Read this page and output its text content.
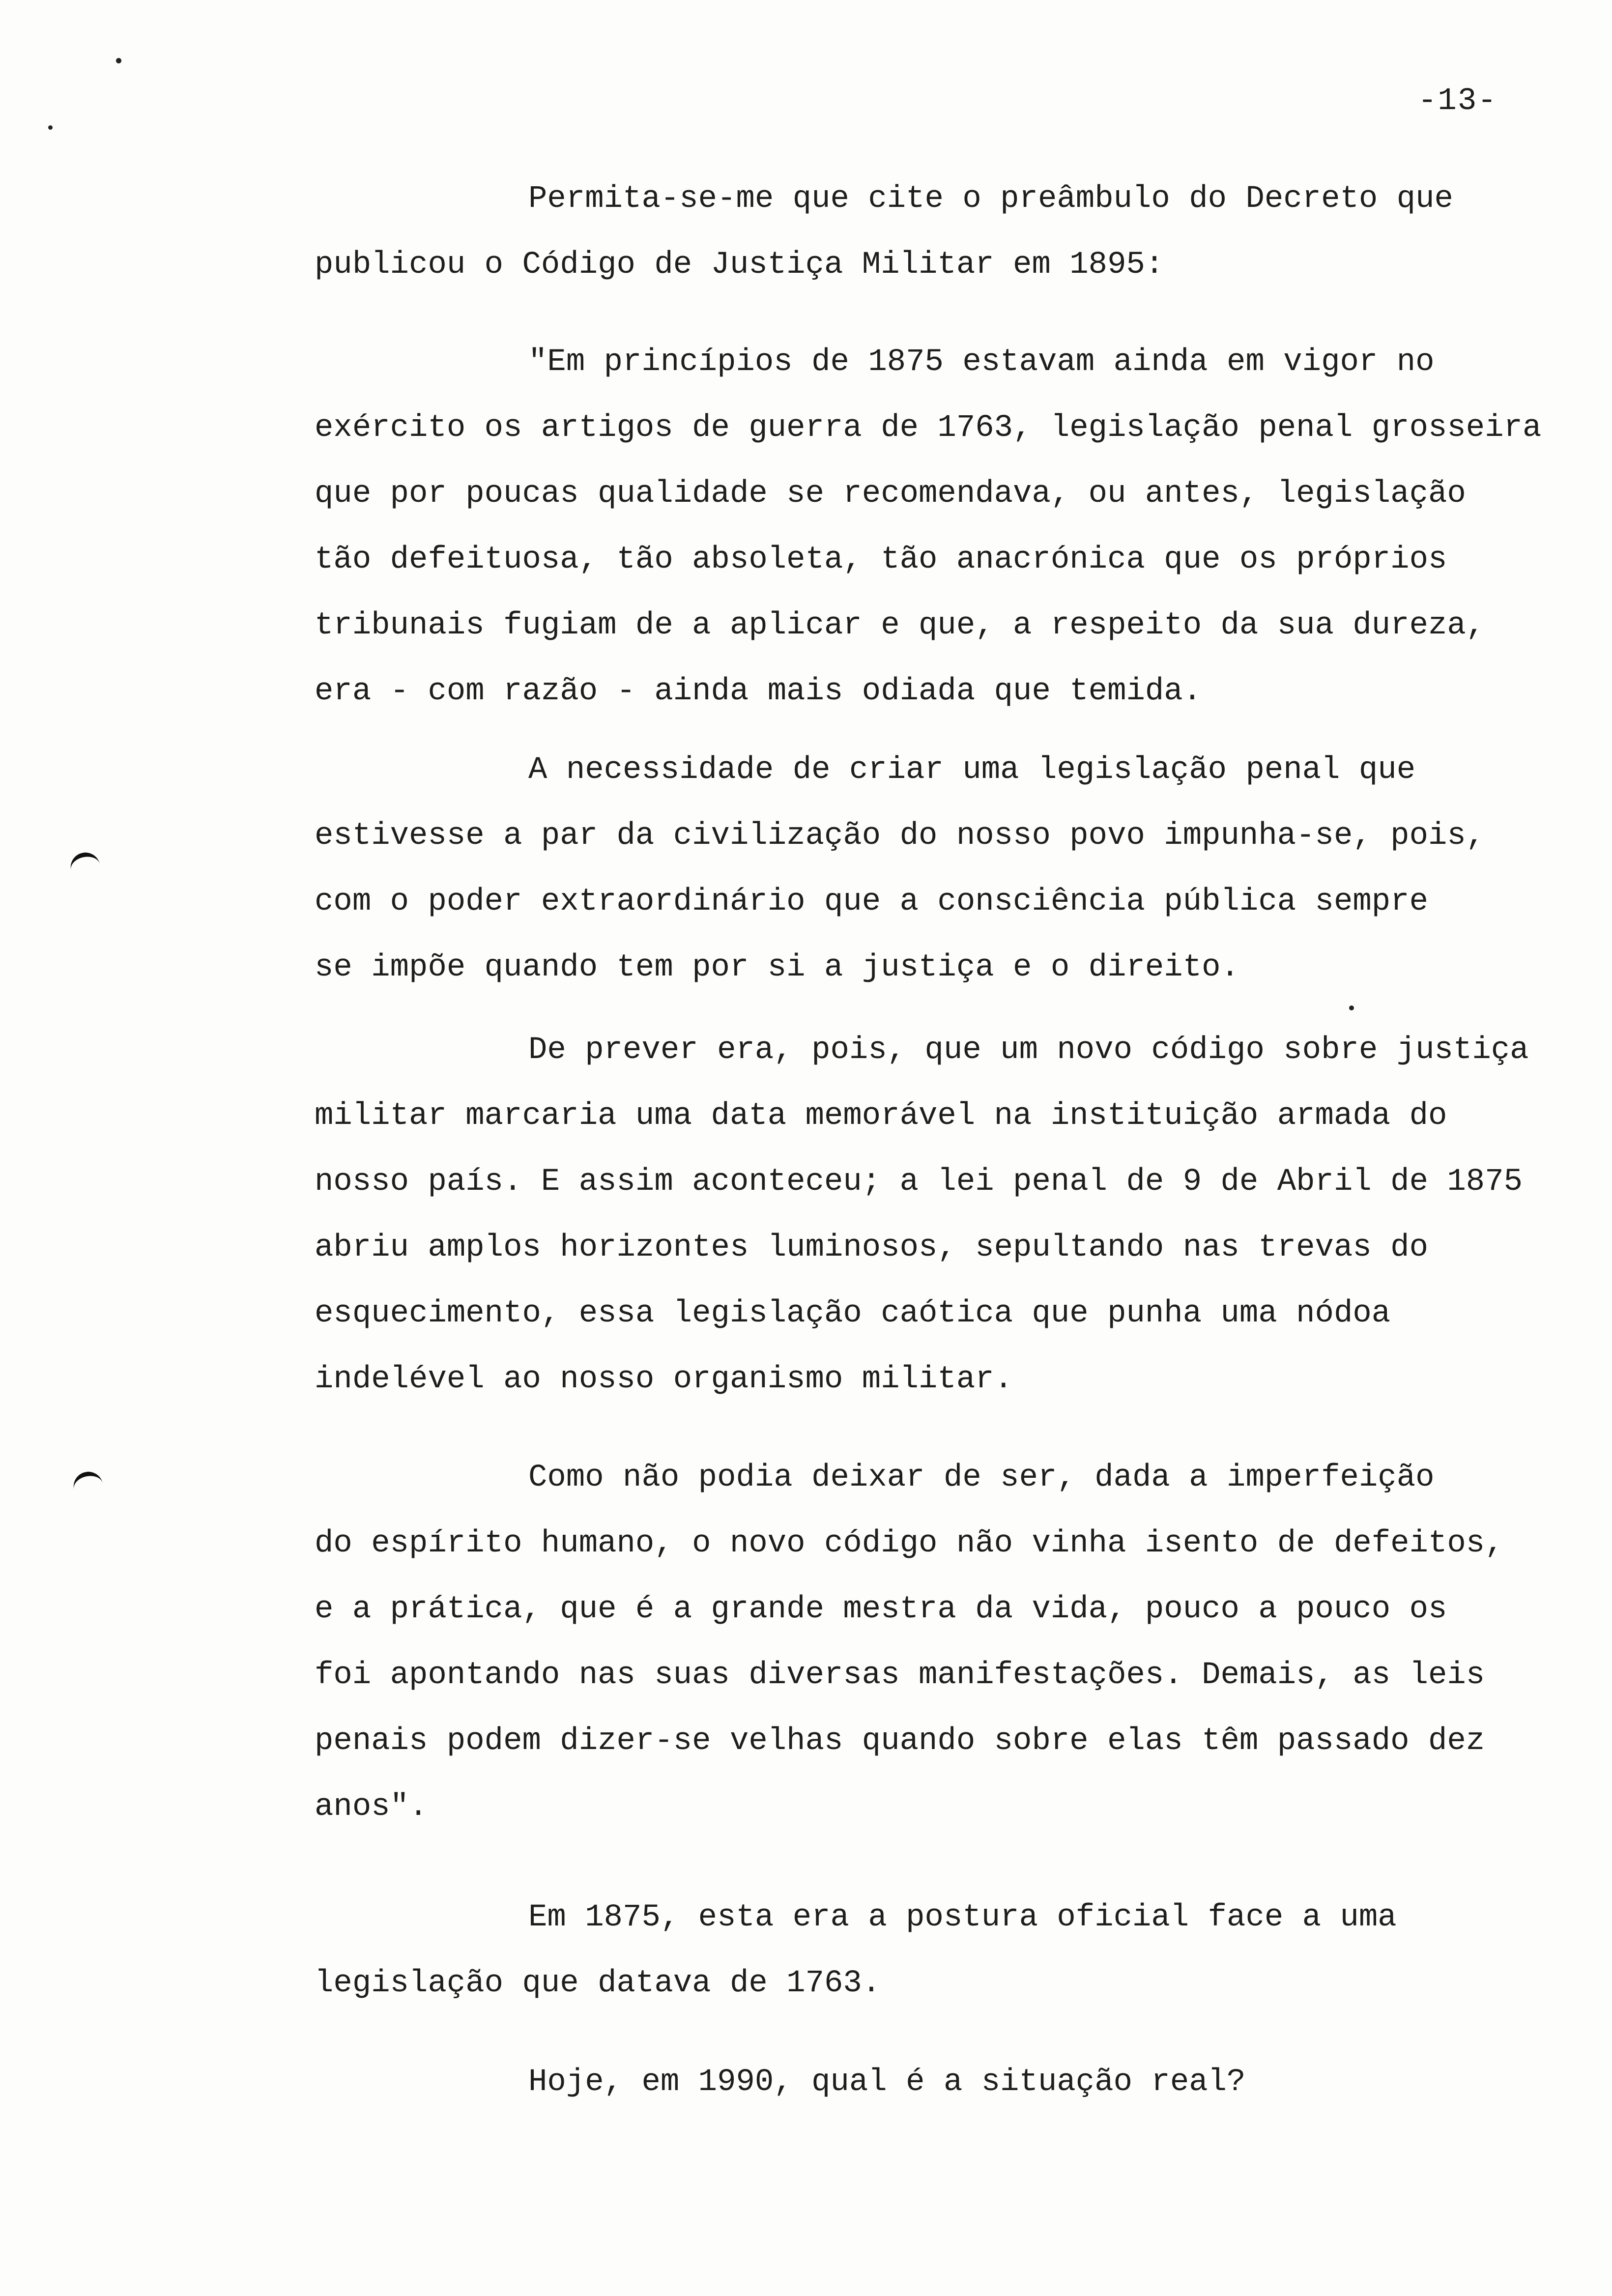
-13-
Permita-se-me que cite o preâmbulo do Decreto que
publicou o Código de Justiça Militar em 1895:
"Em princípios de 1875 estavam ainda em vigor no
exército os artigos de guerra de 1763, legislação penal grosseira
que por poucas qualidade se recomendava, ou antes, legislação
tão defeituosa, tão absoleta, tão anacrónica que os próprios
tribunais fugiam de a aplicar e que, a respeito da sua dureza,
era - com razão - ainda mais odiada que temida.
A necessidade de criar uma legislação penal que
estivesse a par da civilização do nosso povo impunha-se, pois,
com o poder extraordinário que a consciência pública sempre
se impõe quando tem por si a justiça e o direito.
De prever era, pois, que um novo código sobre justiça
militar marcaria uma data memorável na instituição armada do
nosso país. E assim aconteceu; a lei penal de 9 de Abril de 1875
abriu amplos horizontes luminosos, sepultando nas trevas do
esquecimento, essa legislação caótica que punha uma nódoa
indelével ao nosso organismo militar.
Como não podia deixar de ser, dada a imperfeição
do espírito humano, o novo código não vinha isento de defeitos,
e a prática, que é a grande mestra da vida, pouco a pouco os
foi apontando nas suas diversas manifestações. Demais, as leis
penais podem dizer-se velhas quando sobre elas têm passado dez
anos".
Em 1875, esta era a postura oficial face a uma
legislação que datava de 1763.
Hoje, em 1990, qual é a situação real?
